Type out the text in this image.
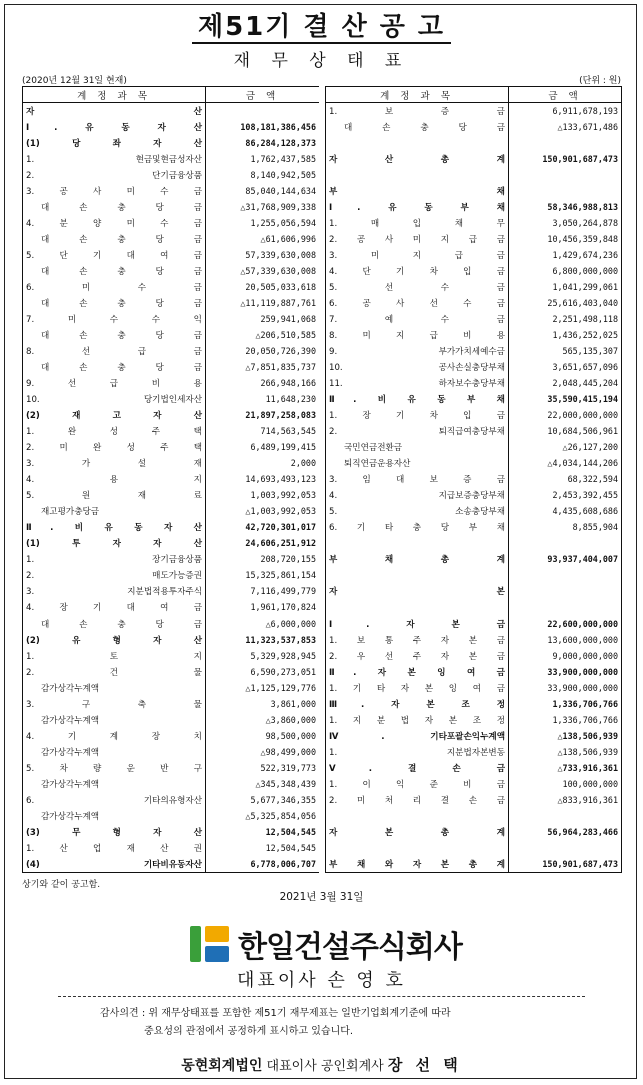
제51기 결 산 공 고
재 무 상 태 표
(2020년 12월 31일 현재)	(단위 : 원)
계 정 과 목	금 액
자 산	
Ⅰ. 유 동 자 산	108,181,386,456
(1) 당 좌 자 산	86,284,128,373
1. 현금및현금성자산	1,762,437,585
2. 단기금융상품	8,140,942,505
3. 공 사 미 수 금	85,040,144,634
대 손 충 당 금	△31,768,909,338
4. 분 양 미 수 금	1,255,056,594
대 손 충 당 금	△61,606,996
5. 단 기 대 여 금	57,339,630,008
대 손 충 당 금	△57,339,630,008
6. 미 수 금	20,505,033,618
대 손 충 당 금	△11,119,887,761
7. 미 수 수 익	259,941,068
대 손 충 당 금	△206,510,585
8. 선 급 금	20,050,726,390
대 손 충 당 금	△7,851,835,737
9. 선 급 비 용	266,948,166
10. 당기법인세자산	11,648,230
(2) 재 고 자 산	21,897,258,083
1. 완 성 주 택	714,563,545
2. 미 완 성 주 택	6,489,199,415
3. 가 설 재	2,000
4. 용 지	14,693,493,123
5. 원 재 료	1,003,992,053
재고평가충당금	△1,003,992,053
Ⅱ. 비 유 동 자 산	42,720,301,017
(1) 투 자 자 산	24,606,251,912
1. 장기금융상품	208,720,155
2. 매도가능증권	15,325,861,154
3. 지분법적용투자주식	7,116,499,779
4. 장 기 대 여 금	1,961,170,824
대 손 충 당 금	△6,000,000
(2) 유 형 자 산	11,323,537,853
1. 토 지	5,329,928,945
2. 건 물	6,590,273,051
감가상각누계액	△1,125,129,776
3. 구 축 물	3,861,000
감가상각누계액	△3,860,000
4. 기 계 장 치	98,500,000
감가상각누계액	△98,499,000
5. 차 량 운 반 구	522,319,773
감가상각누계액	△345,348,439
6. 기타의유형자산	5,677,346,355
감가상각누계액	△5,325,854,056
(3) 무 형 자 산	12,504,545
1. 산 업 재 산 권	12,504,545
(4) 기타비유동자산	6,778,006,707
계 정 과 목	금 액
1. 보 증 금	6,911,678,193
대 손 충 당 금	△133,671,486

자 산 총 계	150,901,687,473

부 채	
Ⅰ. 유 동 부 채	58,346,988,813
1. 매 입 채 무	3,050,264,878
2. 공 사 미 지 급 금	10,456,359,848
3. 미 지 급 금	1,429,674,236
4. 단 기 차 입 금	6,800,000,000
5. 선 수 금	1,041,299,061
6. 공 사 선 수 금	25,616,403,040
7. 예 수 금	2,251,498,118
8. 미 지 급 비 용	1,436,252,025
9. 부가가치세예수금	565,135,307
10. 공사손실충당부채	3,651,657,096
11. 하자보수충당부채	2,048,445,204
Ⅱ. 비 유 동 부 채	35,590,415,194
1. 장 기 차 입 금	22,000,000,000
2. 퇴직급여충당부채	10,684,506,961
국민연금전환금	△26,127,200
퇴직연금운용자산	△4,034,144,206
3. 임 대 보 증 금	68,322,594
4. 지급보증충당부채	2,453,392,455
5. 소송충당부채	4,435,608,686
6. 기 타 충 당 부 채	8,855,904

부 채 총 계	93,937,404,007

자 본	

Ⅰ. 자 본 금	22,600,000,000
1. 보 통 주 자 본 금	13,600,000,000
2. 우 선 주 자 본 금	9,000,000,000
Ⅱ. 자 본 잉 여 금	33,900,000,000
1. 기 타 자 본 잉 여 금	33,900,000,000
Ⅲ. 자 본 조 정	1,336,706,766
1. 지 분 법 자 본 조 정	1,336,706,766
Ⅳ. 기타포괄손익누계액	△138,506,939
1. 지분법자본변동	△138,506,939
Ⅴ. 결 손 금	△733,916,361
1. 이 익 준 비 금	100,000,000
2. 미 처 리 결 손 금	△833,916,361

자 본 총 계	56,964,283,466

부 채 와 자 본 총 계	150,901,687,473
상기와 같이 공고함.
2021년 3월 31일
한일건설주식회사
대표이사 손 영 호
감사의견 : 위 재무상태표를 포함한 제51기 재무제표는 일반기업회계기준에 따라
중요성의 관점에서 공정하게 표시하고 있습니다.
동현회계법인 대표이사 공인회계사 장 선 택
